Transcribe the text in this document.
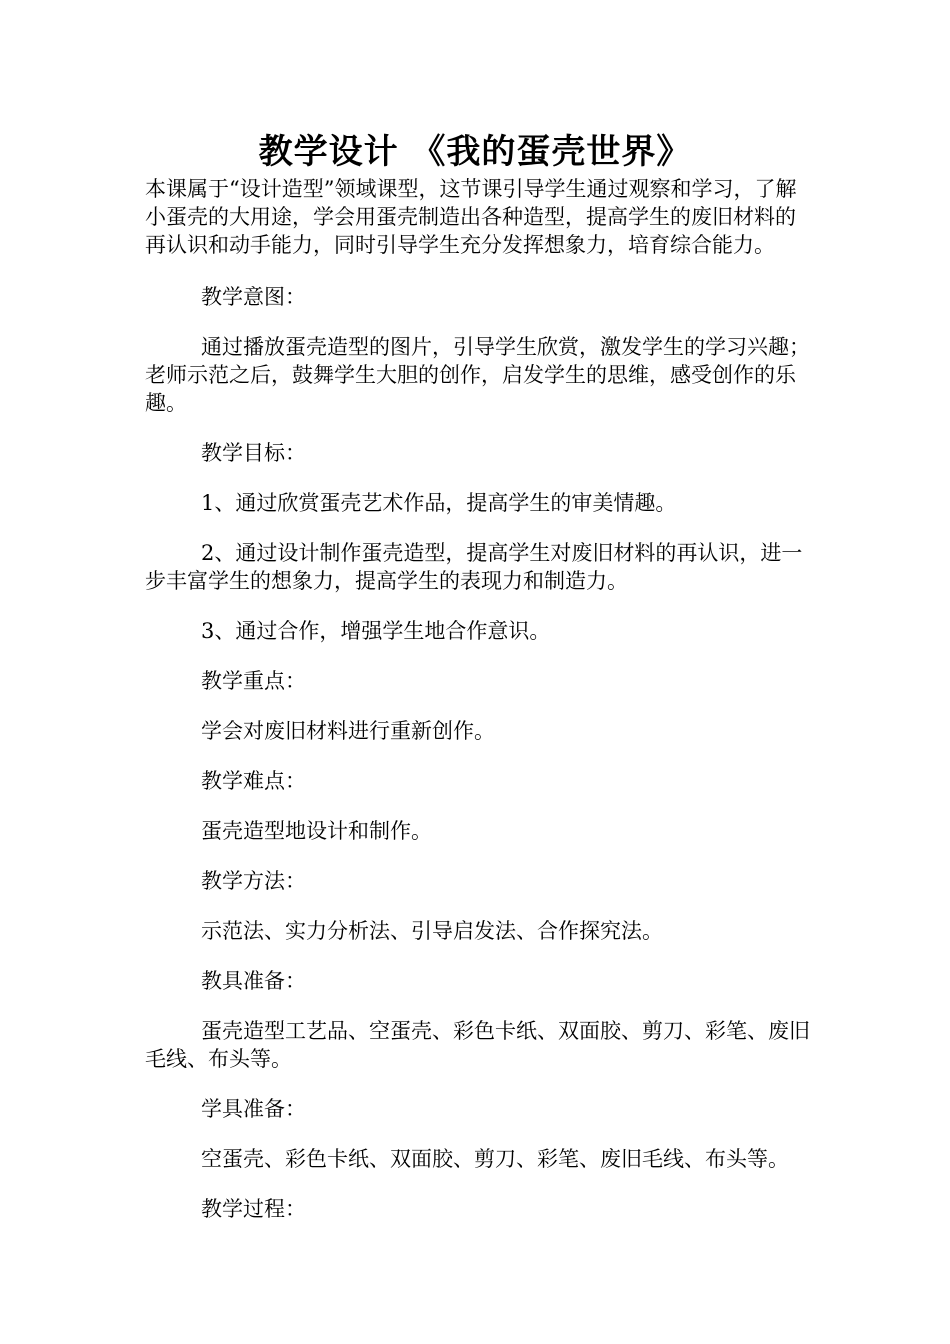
教学设计 《我的蛋壳世界》

本课属于“设计造型”领域课型，这节课引导学生通过观察和学习，了解小蛋壳的大用途，学会用蛋壳制造出各种造型，提高学生的废旧材料的再认识和动手能力，同时引导学生充分发挥想象力，培育综合能力。

教学意图：

通过播放蛋壳造型的图片，引导学生欣赏，激发学生的学习兴趣；老师示范之后，鼓舞学生大胆的创作，启发学生的思维，感受创作的乐趣。

教学目标：

1、通过欣赏蛋壳艺术作品，提高学生的审美情趣。

2、通过设计制作蛋壳造型，提高学生对废旧材料的再认识，进一步丰富学生的想象力，提高学生的表现力和制造力。

3、通过合作，增强学生地合作意识。

教学重点：

学会对废旧材料进行重新创作。

教学难点：

蛋壳造型地设计和制作。

教学方法：

示范法、实力分析法、引导启发法、合作探究法。

教具准备：

蛋壳造型工艺品、空蛋壳、彩色卡纸、双面胶、剪刀、彩笔、废旧毛线、布头等。

学具准备：

空蛋壳、彩色卡纸、双面胶、剪刀、彩笔、废旧毛线、布头等。

教学过程：
